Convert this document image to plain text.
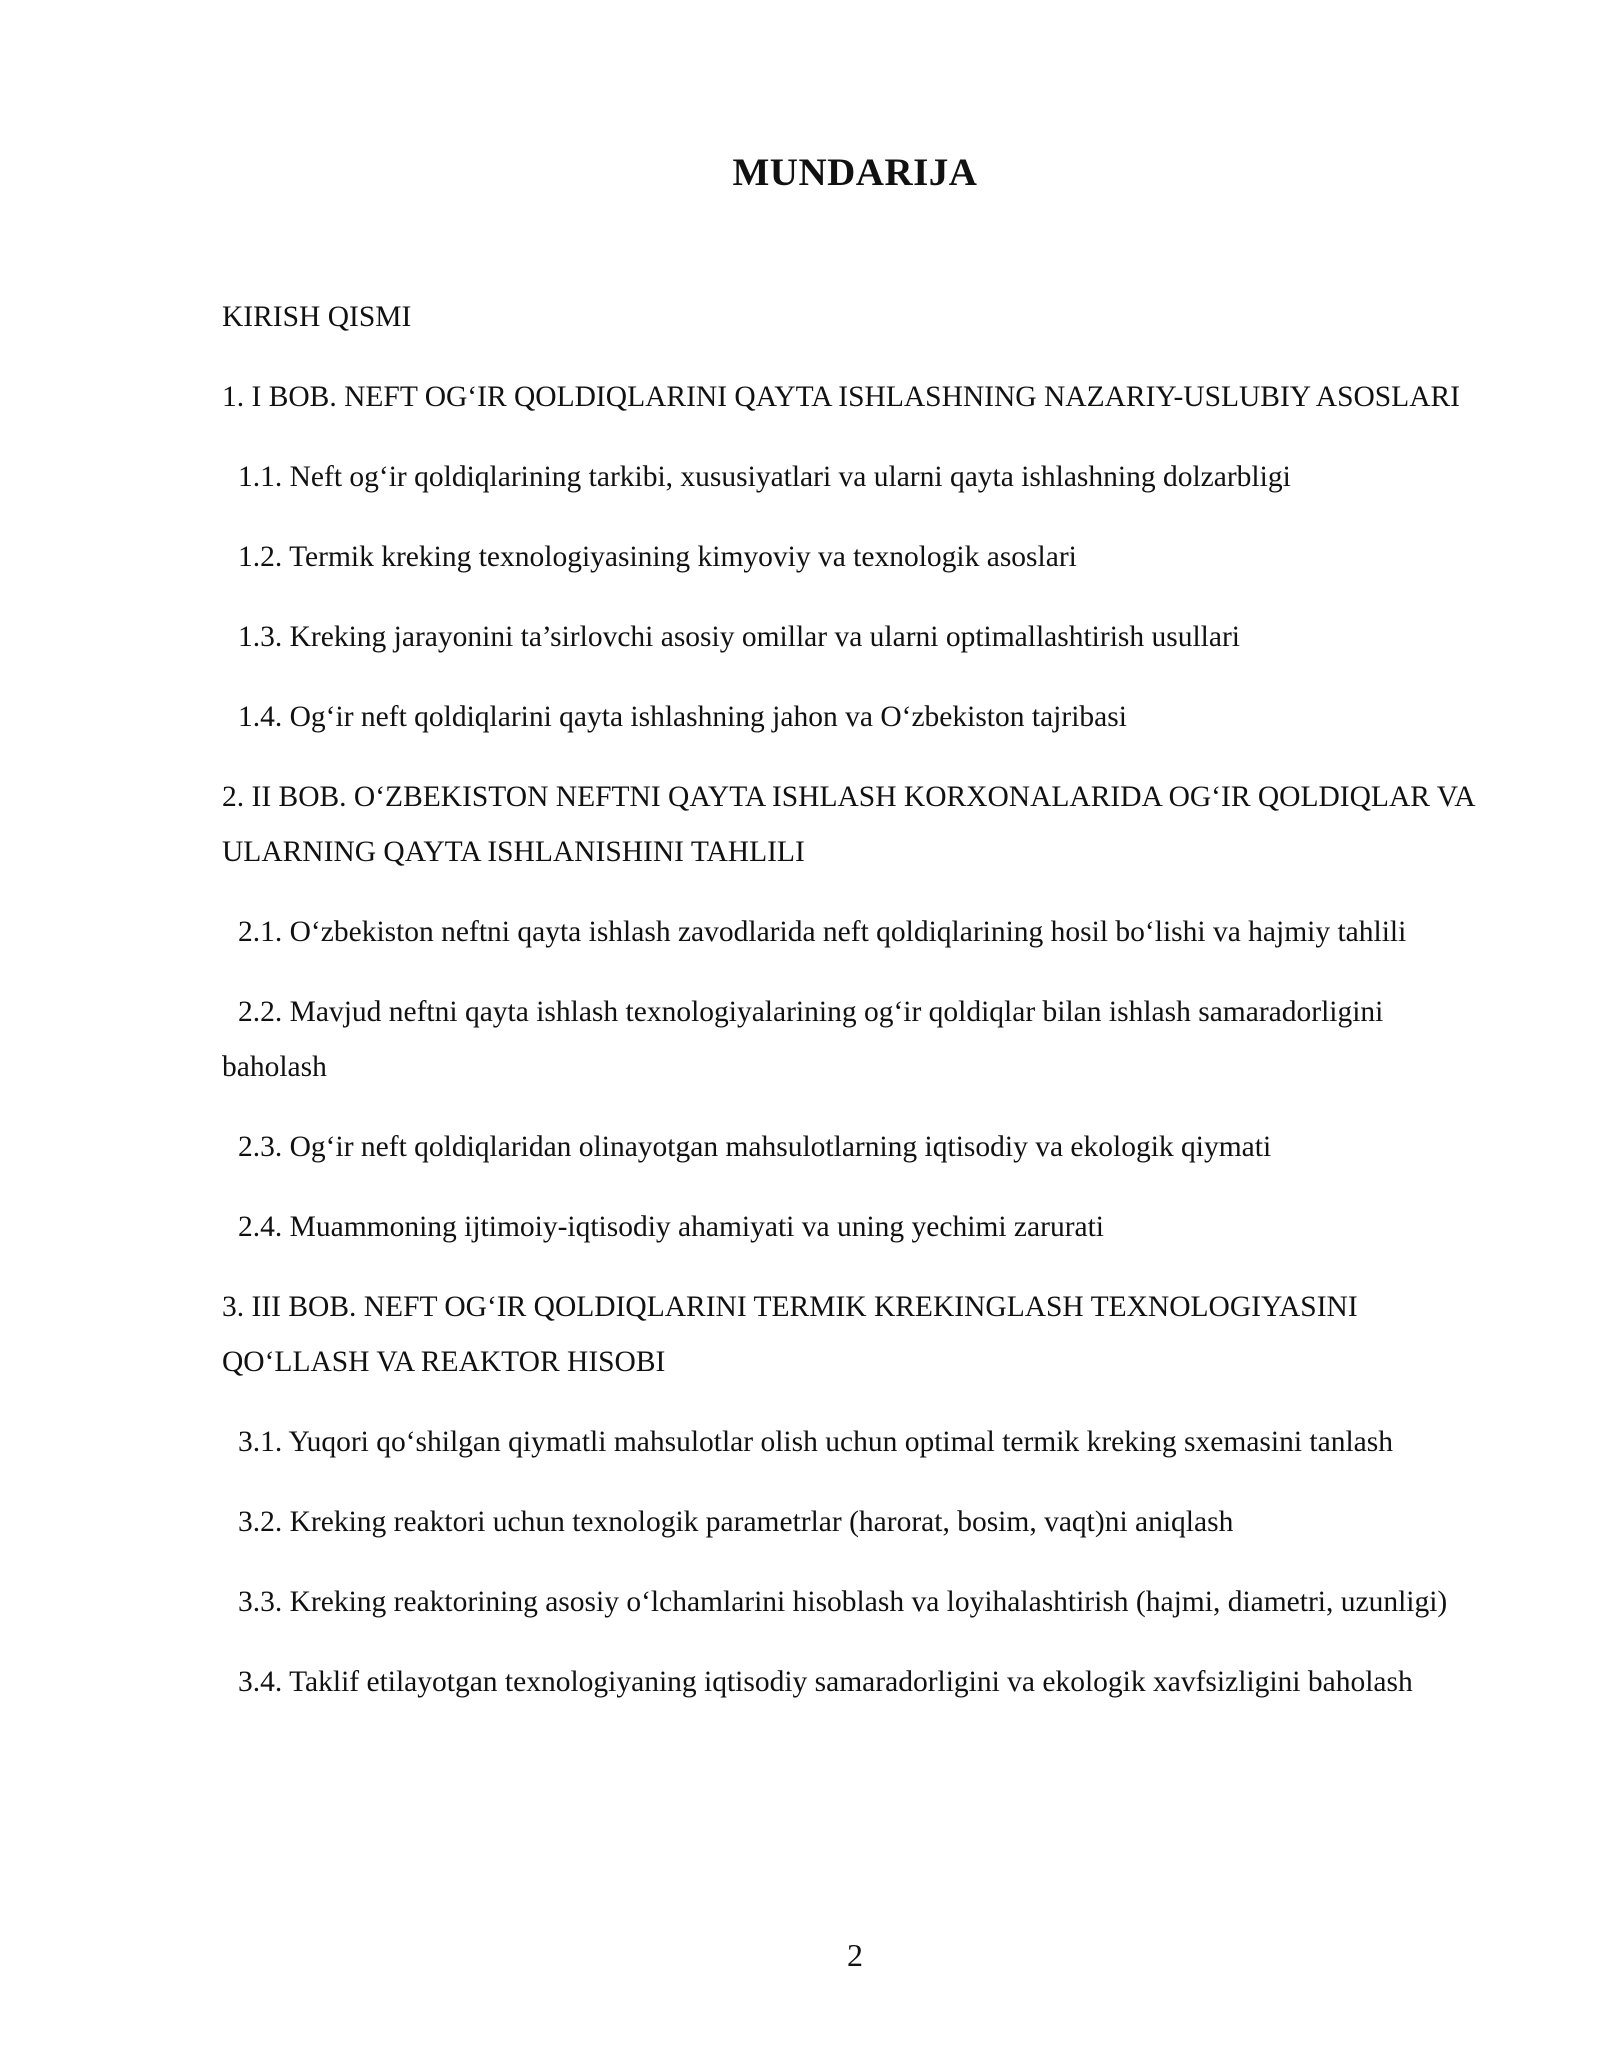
MUNDARIJA

KIRISH QISMI

1. I BOB. NEFT OG‘IR QOLDIQLARINI QAYTA ISHLASHNING NAZARIY-USLUBIY ASOSLARI

1.1. Neft og‘ir qoldiqlarining tarkibi, xususiyatlari va ularni qayta ishlashning dolzarbligi

1.2. Termik kreking texnologiyasining kimyoviy va texnologik asoslari

1.3. Kreking jarayonini ta’sirlovchi asosiy omillar va ularni optimallashtirish usullari

1.4. Og‘ir neft qoldiqlarini qayta ishlashning jahon va O‘zbekiston tajribasi

2. II BOB. O‘ZBEKISTON NEFTNI QAYTA ISHLASH KORXONALARIDA OG‘IR QOLDIQLAR VA ULARNING QAYTA ISHLANISHINI TAHLILI

2.1. O‘zbekiston neftni qayta ishlash zavodlarida neft qoldiqlarining hosil bo‘lishi va hajmiy tahlili

2.2. Mavjud neftni qayta ishlash texnologiyalarining og‘ir qoldiqlar bilan ishlash samaradorligini baholash

2.3. Og‘ir neft qoldiqlaridan olinayotgan mahsulotlarning iqtisodiy va ekologik qiymati

2.4. Muammoning ijtimoiy-iqtisodiy ahamiyati va uning yechimi zarurati

3. III BOB. NEFT OG‘IR QOLDIQLARINI TERMIK KREKINGLASH TEXNOLOGIYASINI QO‘LLASH VA REAKTOR HISOBI

3.1. Yuqori qo‘shilgan qiymatli mahsulotlar olish uchun optimal termik kreking sxemasini tanlash

3.2. Kreking reaktori uchun texnologik parametrlar (harorat, bosim, vaqt)ni aniqlash

3.3. Kreking reaktorining asosiy o‘lchamlarini hisoblash va loyihalashtirish (hajmi, diametri, uzunligi)

3.4. Taklif etilayotgan texnologiyaning iqtisodiy samaradorligini va ekologik xavfsizligini baholash

2
